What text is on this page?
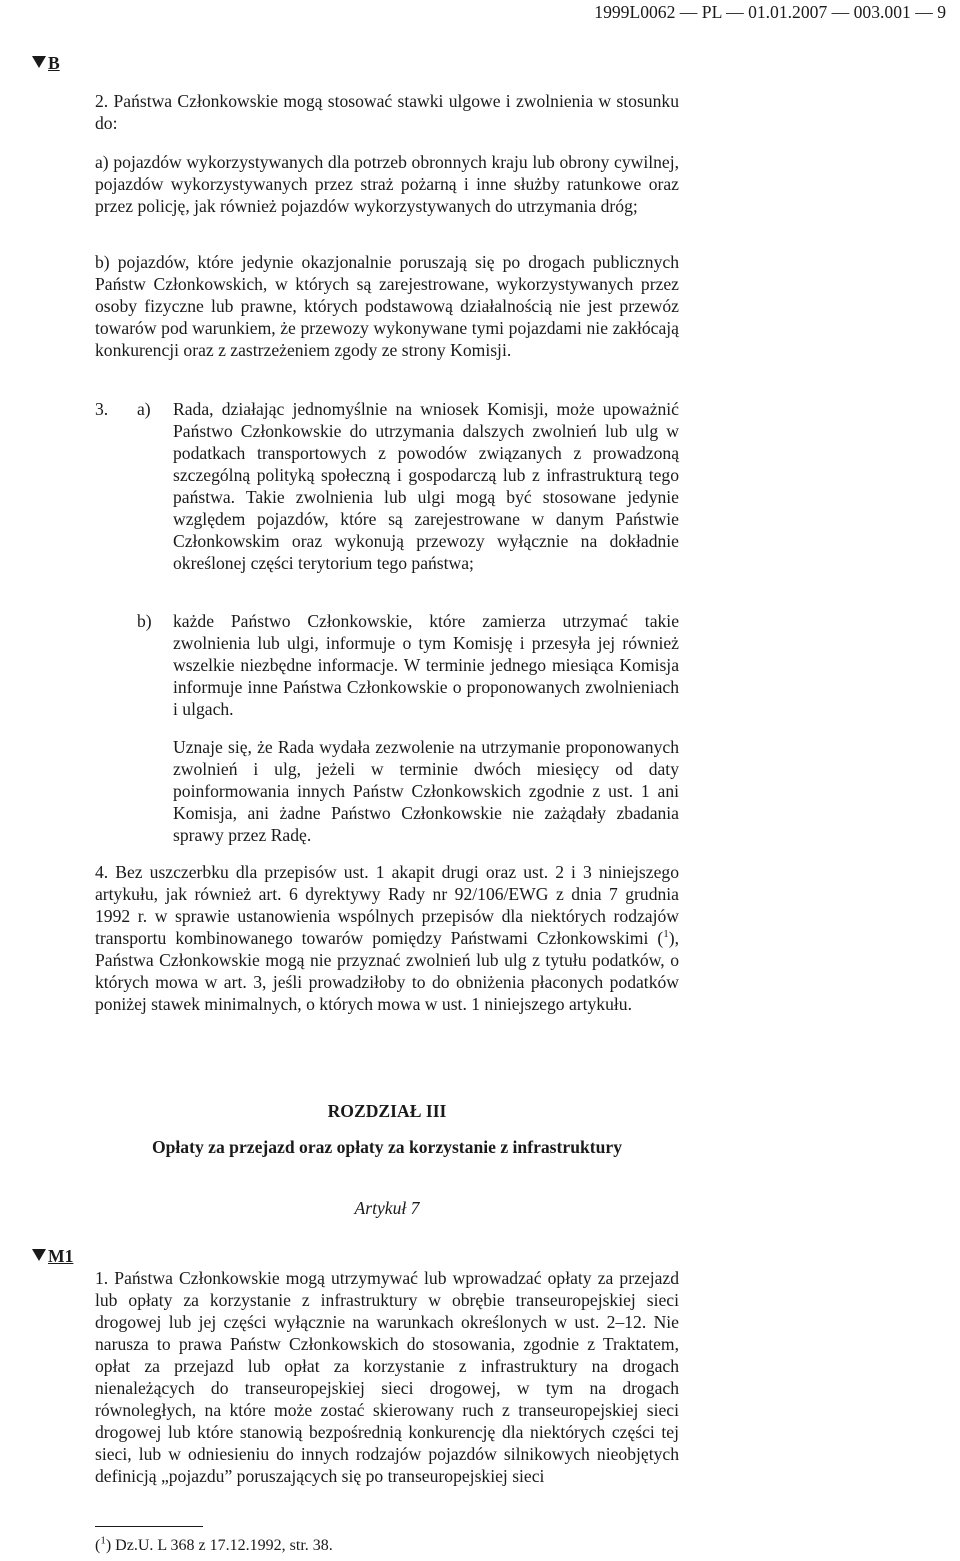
1999L0062 — PL — 01.01.2007 — 003.001 — 9
B

2. Państwa Członkowskie mogą stosować stawki ulgowe i zwolnienia w stosunku do:

a) pojazdów wykorzystywanych dla potrzeb obronnych kraju lub obrony cywilnej, pojazdów wykorzystywanych przez straż pożarną i inne służby ratunkowe oraz przez policję, jak również pojazdów wykorzystywanych do utrzymania dróg;

b) pojazdów, które jedynie okazjonalnie poruszają się po drogach publicznych Państw Członkowskich, w których są zarejestrowane, wykorzystywanych przez osoby fizyczne lub prawne, których podstawową działalnością nie jest przewóz towarów pod warunkiem, że przewozy wykonywane tymi pojazdami nie zakłócają konkurencji oraz z zastrzeżeniem zgody ze strony Komisji.

3. a) Rada, działając jednomyślnie na wniosek Komisji, może upoważnić Państwo Członkowskie do utrzymania dalszych zwolnień lub ulg w podatkach transportowych z powodów związanych z prowadzoną szczególną polityką społeczną i gospodarczą lub z infrastrukturą tego państwa. Takie zwolnienia lub ulgi mogą być stosowane jedynie względem pojazdów, które są zarejestrowane w danym Państwie Członkowskim oraz wykonują przewozy wyłącznie na dokładnie określonej części terytorium tego państwa;

b) każde Państwo Członkowskie, które zamierza utrzymać takie zwolnienia lub ulgi, informuje o tym Komisję i przesyła jej również wszelkie niezbędne informacje. W terminie jednego miesiąca Komisja informuje inne Państwa Członkowskie o proponowanych zwolnieniach i ulgach.

Uznaje się, że Rada wydała zezwolenie na utrzymanie proponowanych zwolnień i ulg, jeżeli w terminie dwóch miesięcy od daty poinformowania innych Państw Członkowskich zgodnie z ust. 1 ani Komisja, ani żadne Państwo Członkowskie nie zażądały zbadania sprawy przez Radę.

4. Bez uszczerbku dla przepisów ust. 1 akapit drugi oraz ust. 2 i 3 niniejszego artykułu, jak również art. 6 dyrektywy Rady nr 92/106/EWG z dnia 7 grudnia 1992 r. w sprawie ustanowienia wspólnych przepisów dla niektórych rodzajów transportu kombinowanego towarów pomiędzy Państwami Członkowskimi ($^1$), Państwa Członkowskie mogą nie przyznać zwolnień lub ulg z tytułu podatków, o których mowa w art. 3, jeśli prowadziłoby to do obniżenia płaconych podatków poniżej stawek minimalnych, o których mowa w ust. 1 niniejszego artykułu.

ROZDZIAŁ III
Opłaty za przejazd oraz opłaty za korzystanie z infrastruktury
Artykuł 7
M1

1. Państwa Członkowskie mogą utrzymywać lub wprowadzać opłaty za przejazd lub opłaty za korzystanie z infrastruktury w obrębie transeuropejskiej sieci drogowej lub jej części wyłącznie na warunkach określonych w ust. 2–12. Nie narusza to prawa Państw Członkowskich do stosowania, zgodnie z Traktatem, opłat za przejazd lub opłat za korzystanie z infrastruktury na drogach nienależących do transeuropejskiej sieci drogowej, w tym na drogach równoległych, na które może zostać skierowany ruch z transeuropejskiej sieci drogowej lub które stanowią bezpośrednią konkurencję dla niektórych części tej sieci, lub w odniesieniu do innych rodzajów pojazdów silnikowych nieobjętych definicją „pojazdu” poruszających się po transeuropejskiej sieci

($^1$) Dz.U. L 368 z 17.12.1992, str. 38.
